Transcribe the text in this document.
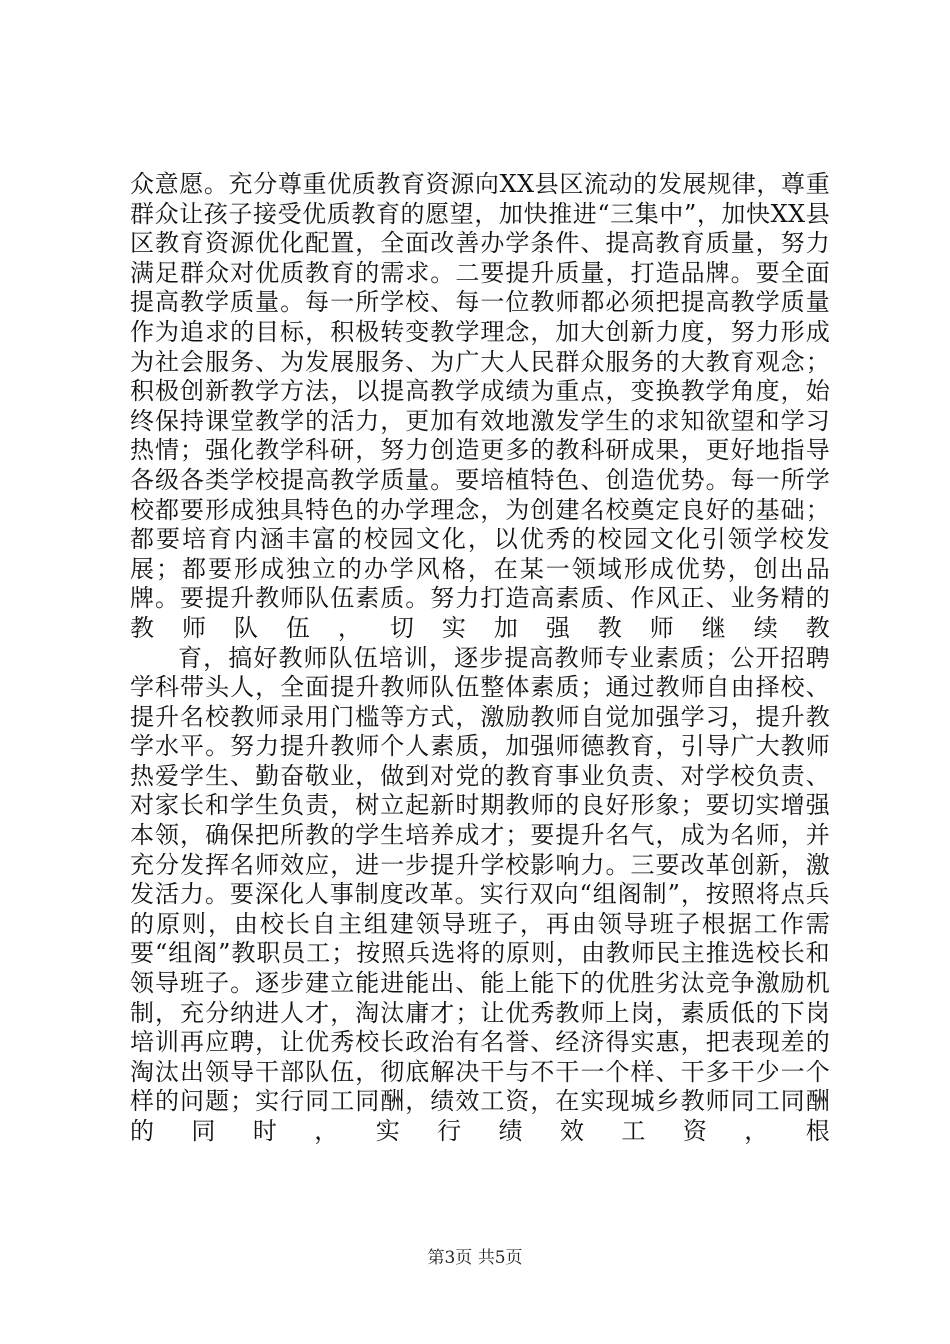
众意愿。充分尊重优质教育资源向XX县区流动的发展规律，尊重群众让孩子接受优质教育的愿望，加快推进“三集中”，加快XX县区教育资源优化配置，全面改善办学条件、提高教育质量，努力满足群众对优质教育的需求。二要提升质量，打造品牌。要全面提高教学质量。每一所学校、每一位教师都必须把提高教学质量作为追求的目标，积极转变教学理念，加大创新力度，努力形成为社会服务、为发展服务、为广大人民群众服务的大教育观念；积极创新教学方法，以提高教学成绩为重点，变换教学角度，始终保持课堂教学的活力，更加有效地激发学生的求知欲望和学习热情；强化教学科研，努力创造更多的教科研成果，更好地指导各级各类学校提高教学质量。要培植特色、创造优势。每一所学校都要形成独具特色的办学理念，为创建名校奠定良好的基础；都要培育内涵丰富的校园文化，以优秀的校园文化引领学校发展；都要形成独立的办学风格，在某一领域形成优势，创出品牌。要提升教师队伍素质。努力打造高素质、作风正、业务精的教师队伍，切实加强教师继续教

育，搞好教师队伍培训，逐步提高教师专业素质；公开招聘学科带头人，全面提升教师队伍整体素质；通过教师自由择校、提升名校教师录用门槛等方式，激励教师自觉加强学习，提升教学水平。努力提升教师个人素质，加强师德教育，引导广大教师热爱学生、勤奋敬业，做到对党的教育事业负责、对学校负责、对家长和学生负责，树立起新时期教师的良好形象；要切实增强本领，确保把所教的学生培养成才；要提升名气，成为名师，并充分发挥名师效应，进一步提升学校影响力。三要改革创新，激发活力。要深化人事制度改革。实行双向“组阁制”，按照将点兵的原则，由校长自主组建领导班子，再由领导班子根据工作需要“组阁”教职员工；按照兵选将的原则，由教师民主推选校长和领导班子。逐步建立能进能出、能上能下的优胜劣汰竞争激励机制，充分纳进人才，淘汰庸才；让优秀教师上岗，素质低的下岗培训再应聘，让优秀校长政治有名誉、经济得实惠，把表现差的淘汰出领导干部队伍，彻底解决干与不干一个样、干多干少一个样的问题；实行同工同酬，绩效工资，在实现城乡教师同工同酬的同时，实行绩效工资，根

第3页 共5页
